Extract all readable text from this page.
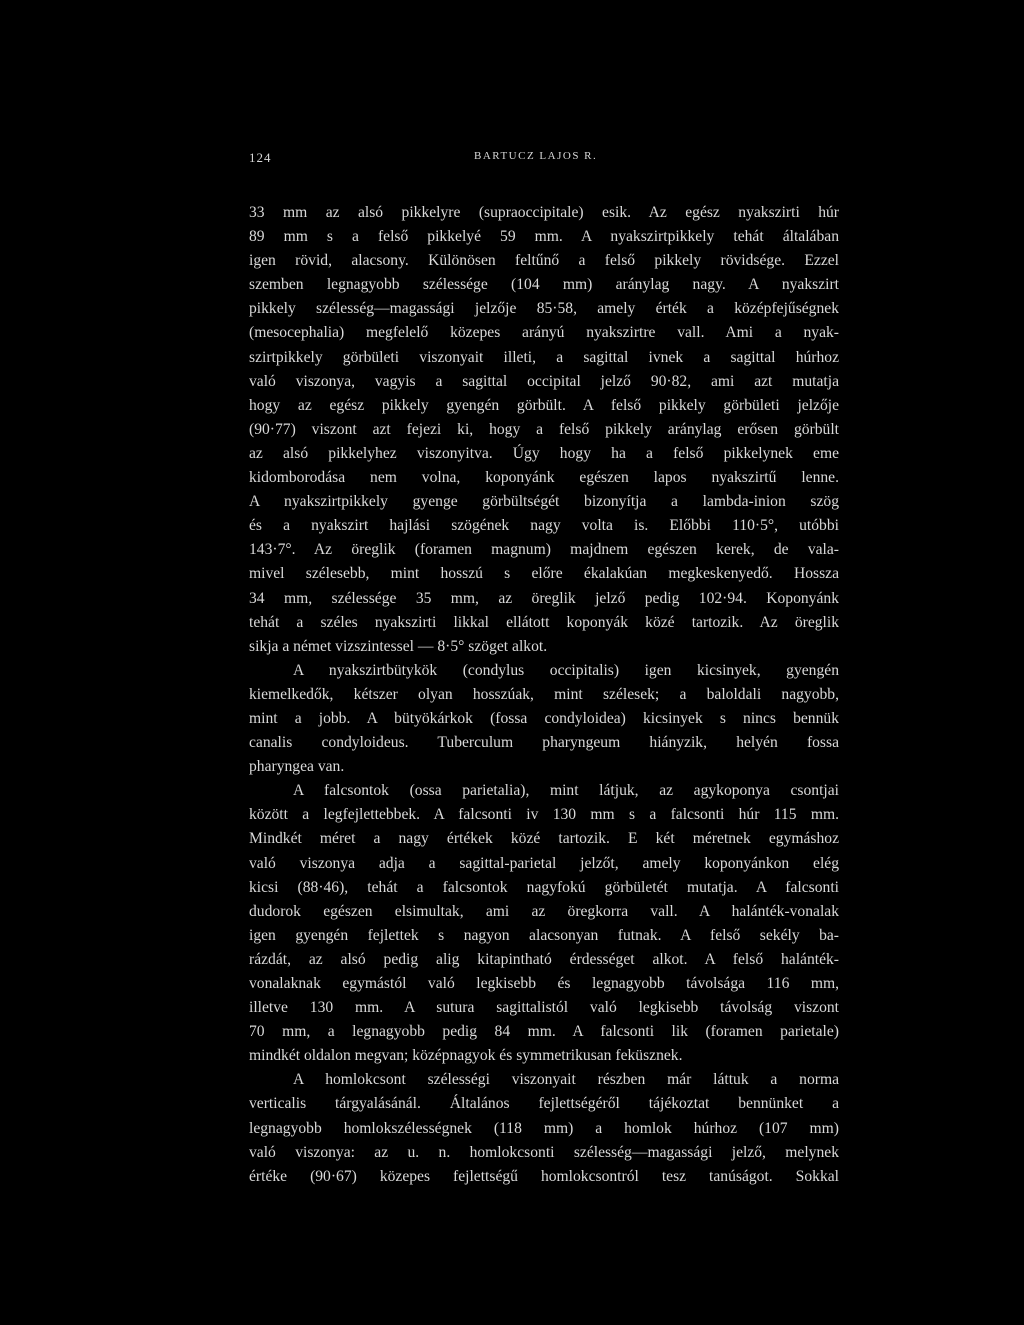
124	BARTUCZ LAJOS R.
33 mm az alsó pikkelyre (supraoccipitale) esik. Az egész nyakszirti húr
89 mm s a felső pikkelyé 59 mm. A nyakszirtpikkely tehát általában
igen rövid, alacsony. Különösen feltűnő a felső pikkely rövidsége. Ezzel
szemben legnagyobb szélessége (104 mm) aránylag nagy. A nyakszirt
pikkely szélesség—magassági jelzője 85·58, amely érték a középfejűségnek
(mesocephalia) megfelelő közepes arányú nyakszirtre vall. Ami a nyak-
szirtpikkely görbületi viszonyait illeti, a sagittal ivnek a sagittal húrhoz
való viszonya, vagyis a sagittal occipital jelző 90·82, ami azt mutatja
hogy az egész pikkely gyengén görbült. A felső pikkely görbületi jelzője
(90·77) viszont azt fejezi ki, hogy a felső pikkely aránylag erősen görbült
az alsó pikkelyhez viszonyitva. Úgy hogy ha a felső pikkelynek eme
kidomborodása nem volna, koponyánk egészen lapos nyakszirtű lenne.
A nyakszirtpikkely gyenge görbültségét bizonyítja a lambda-inion szög
és a nyakszirt hajlási szögének nagy volta is. Előbbi 110·5°, utóbbi
143·7°. Az öreglik (foramen magnum) majdnem egészen kerek, de vala-
mivel szélesebb, mint hosszú s előre ékalakúan megkeskenyedő. Hossza
34 mm, szélessége 35 mm, az öreglik jelző pedig 102·94. Koponyánk
tehát a széles nyakszirti likkal ellátott koponyák közé tartozik. Az öreglik
sikja a német vizszintessel — 8·5° szöget alkot.
A nyakszirtbütykök (condylus occipitalis) igen kicsinyek, gyengén
kiemelkedők, kétszer olyan hosszúak, mint szélesek; a baloldali nagyobb,
mint a jobb. A bütyökárkok (fossa condyloidea) kicsinyek s nincs bennük
canalis condyloideus. Tuberculum pharyngeum hiányzik, helyén fossa
pharyngea van.
A falcsontok (ossa parietalia), mint látjuk, az agykoponya csontjai
között a legfejlettebbek. A falcsonti iv 130 mm s a falcsonti húr 115 mm.
Mindkét méret a nagy értékek közé tartozik. E két méretnek egymáshoz
való viszonya adja a sagittal-parietal jelzőt, amely koponyánkon elég
kicsi (88·46), tehát a falcsontok nagyfokú görbületét mutatja. A falcsonti
dudorok egészen elsimultak, ami az öregkorra vall. A halánték-vonalak
igen gyengén fejlettek s nagyon alacsonyan futnak. A felső sekély ba-
rázdát, az alsó pedig alig kitapintható érdességet alkot. A felső halánték-
vonalaknak egymástól való legkisebb és legnagyobb távolsága 116 mm,
illetve 130 mm. A sutura sagittalistól való legkisebb távolság viszont
70 mm, a legnagyobb pedig 84 mm. A falcsonti lik (foramen parietale)
mindkét oldalon megvan; középnagyok és symmetrikusan feküsznek.
A homlokcsont szélességi viszonyait részben már láttuk a norma
verticalis tárgyalásánál. Általános fejlettségéről tájékoztat bennünket a
legnagyobb homlokszélességnek (118 mm) a homlok húrhoz (107 mm)
való viszonya: az u. n. homlokcsonti szélesség—magassági jelző, melynek
értéke (90·67) közepes fejlettségű homlokcsontról tesz tanúságot. Sokkal
